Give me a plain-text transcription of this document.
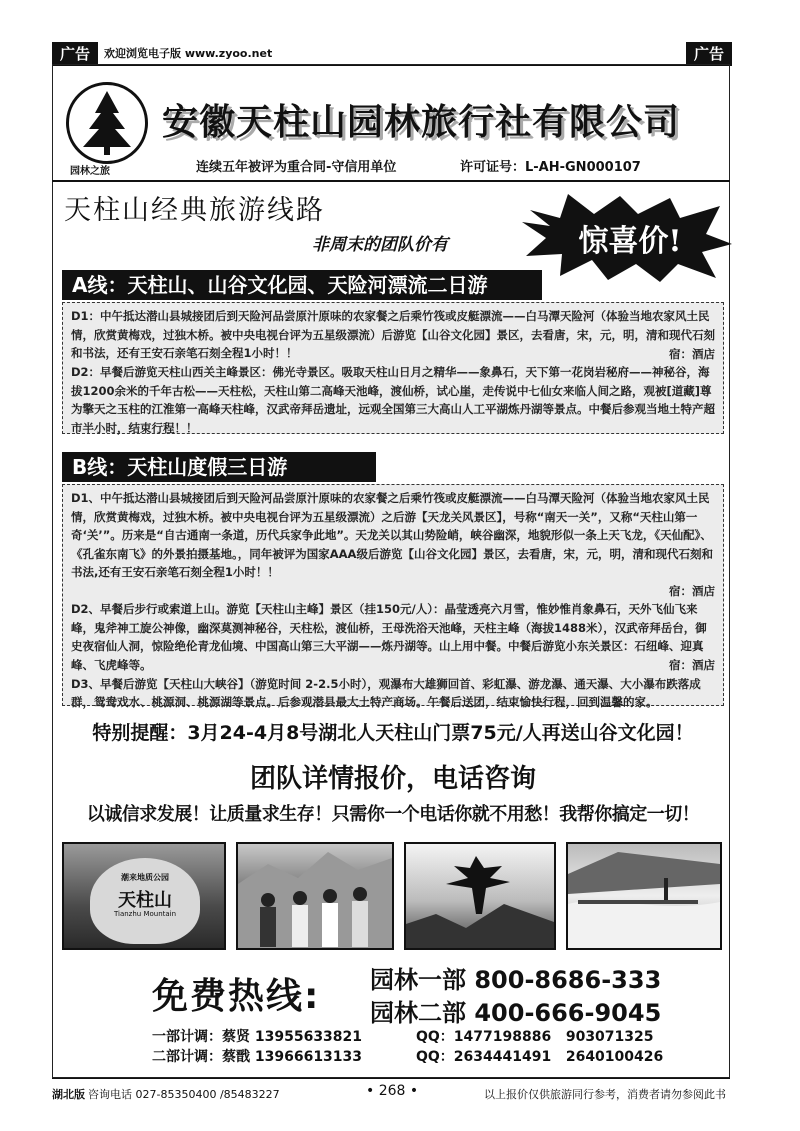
广告	欢迎浏览电子版 www.zyoo.net	广告
园林之旅
安徽天柱山园林旅行社有限公司
连续五年被评为重合同-守信用单位	许可证号：L-AH-GN000107
天柱山经典旅游线路
非周末的团队价有	惊喜价!
A线：天柱山、山谷文化园、天险河漂流二日游

D1：中午抵达潜山县城接团后到天险河品尝原汁原味的农家餐之后乘竹筏或皮艇漂流——白马潭天险河（体验当地农家风土民情，欣赏黄梅戏，过独木桥。被中央电视台评为五星级漂流）后游览【山谷文化园】景区，去看唐，宋，元，明，清和现代石刻和书法，还有王安石亲笔石刻全程1小时！！	宿：酒店

D2：早餐后游览天柱山西关主峰景区：佛光寺景区。吸取天柱山日月之精华——象鼻石，天下第一花岗岩秘府——神秘谷，海拔1200余米的千年古松——天柱松，天柱山第二高峰天池峰，渡仙桥，试心崖，走传说中七仙女来临人间之路，观被[道藏]尊为擎天之玉柱的江淮第一高峰天柱峰，汉武帝拜岳遗址，远观全国第三大高山人工平湖炼丹湖等景点。中餐后参观当地土特产超市半小时，结束行程！！

B线：天柱山度假三日游

D1、中午抵达潜山县城接团后到天险河品尝原汁原味的农家餐之后乘竹筏或皮艇漂流——白马潭天险河（体验当地农家风土民情，欣赏黄梅戏，过独木桥。被中央电视台评为五星级漂流）之后游【天龙关风景区】，号称“南天一关”，又称“天柱山第一奇‘关’”。历来是“自古通南一条道，历代兵家争此地”。天龙关以其山势险峭，峡谷幽深，地貌形似一条上天飞龙，《天仙配》、《孔雀东南飞》的外景拍摄基地。，同年被评为国家AAA级后游览【山谷文化园】景区，去看唐，宋，元，明，清和现代石刻和书法,还有王安石亲笔石刻全程1小时！！

宿：酒店

D2、早餐后步行或索道上山。游览【天柱山主峰】景区（挂150元/人）：晶莹透亮六月雪，惟妙惟肖象鼻石，天外飞仙飞来峰，鬼斧神工旋公神像，幽深莫测神秘谷，天柱松，渡仙桥，王母洗浴天池峰，天柱主峰（海拔1488米），汉武帝拜岳台，御史夜宿仙人洞，惊险绝伦青龙仙境、中国高山第三大平湖——炼丹湖等。山上用中餐。中餐后游览小东关景区：石纽峰、迎真峰、飞虎峰等。	宿：酒店

D3、早餐后游览【天柱山大峡谷】（游览时间 2-2.5小时），观瀑布大雄狮回首、彩虹瀑、游龙瀑、通天瀑、大小瀑布跌落成群，鸳鸯戏水、桃源洞、桃源湖等景点。后参观潜县最大土特产商场。午餐后送团，结束愉快行程，回到温馨的家。

特别提醒：3月24-4月8号湖北人天柱山门票75元/人再送山谷文化园！
团队详情报价，电话咨询
以诚信求发展！让质量求生存！只需你一个电话你就不用愁！我帮你搞定一切！
潮来地质公园
天柱山
Tianzhu Mountain
免费热线: 园林一部 800-8686-333
园林二部 400-666-9045
一部计调：蔡贤 13955633821	QQ：1477198886   903071325
二部计调：蔡戬 13966613133	QQ：2634441491   2640100426
湖北版 咨询电话 027-85350400 /85483227	• 268 •	以上报价仅供旅游同行参考，消费者请勿参阅此书
